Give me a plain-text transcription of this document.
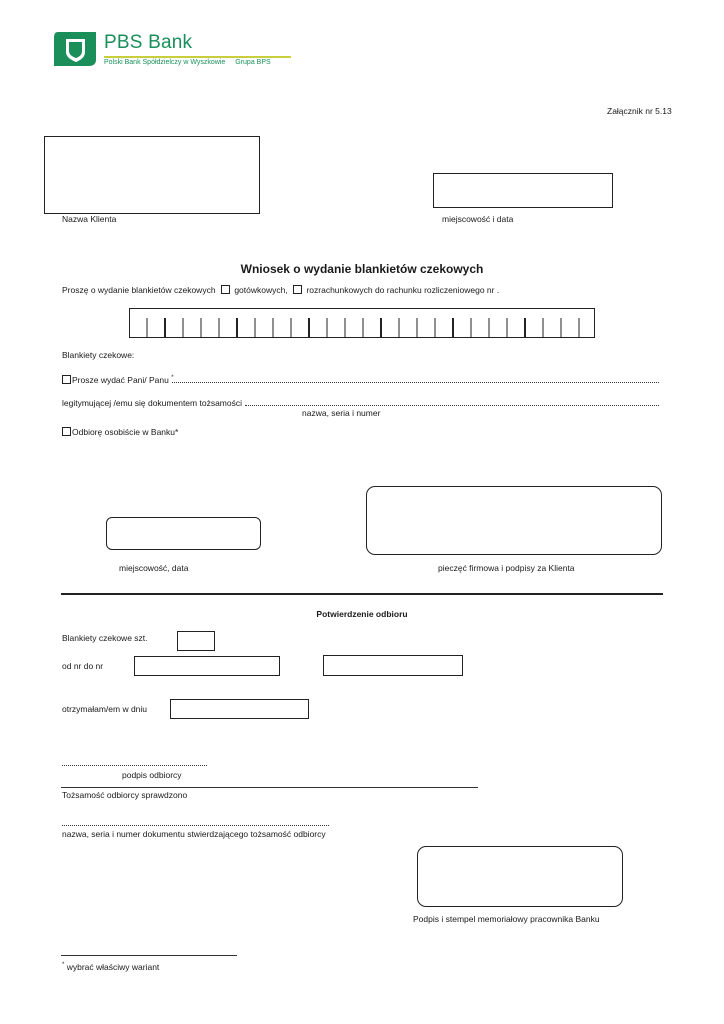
PBS Bank
Polski Bank Spółdzielczy w Wyszkowie Grupa BPS
Załącznik nr 5.13
Nazwa Klienta	miejscowość i data
Wniosek o wydanie blankietów czekowych
Proszę o wydanie blankietów czekowych gotówkowych, rozrachunkowych do rachunku rozliczeniowego nr .
Blankiety czekowe:
Prosze wydać Pani/ Panu *
legitymującej /emu się dokumentem tożsamości
nazwa, seria i numer
Odbiorę osobiście w Banku*
miejscowość, data	pieczęć firmowa i podpisy za Klienta
Potwierdzenie odbioru
Blankiety czekowe szt.
od nr do nr
otrzymałam/em w dniu
podpis odbiorcy
Tożsamość odbiorcy sprawdzono
nazwa, seria i numer dokumentu stwierdzającego tożsamość odbiorcy
Podpis i stempel memoriałowy pracownika Banku
* wybrać właściwy wariant
